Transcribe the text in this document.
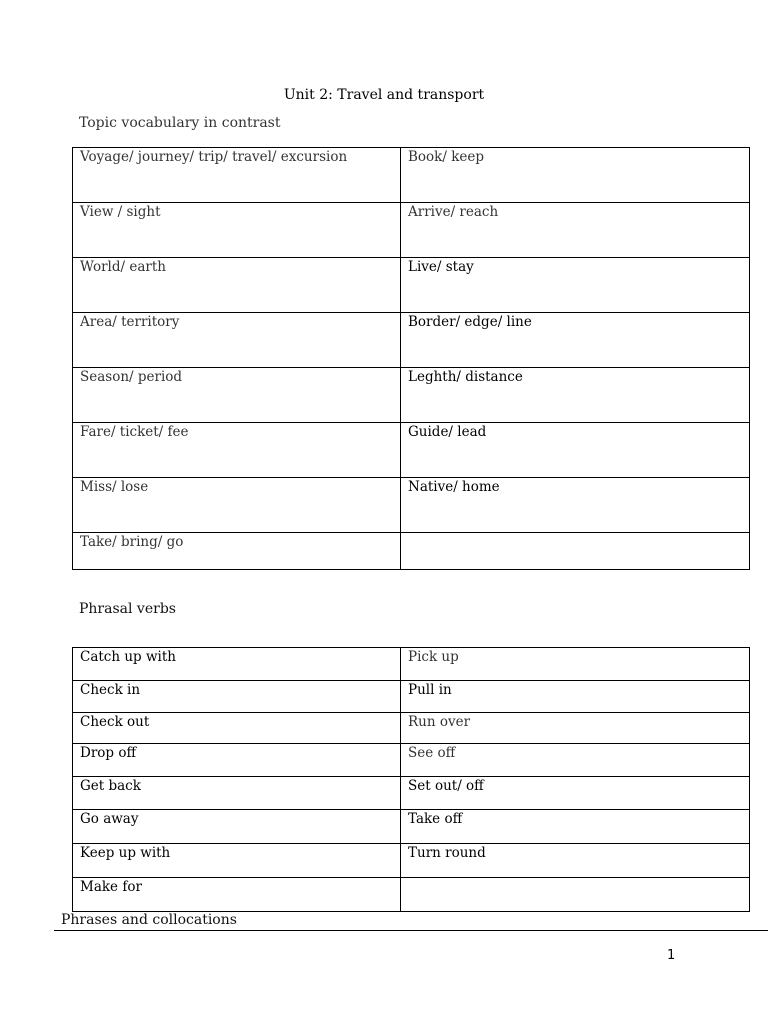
Unit 2: Travel and transport
Topic vocabulary in contrast
Voyage/ journey/ trip/ travel/ excursion	Book/ keep
View / sight	Arrive/ reach
World/ earth	Live/ stay
Area/ territory	Border/ edge/ line
Season/ period	Leghth/ distance
Fare/ ticket/ fee	Guide/ lead
Miss/ lose	Native/ home
Take/ bring/ go	
Phrasal verbs
Catch up with	Pick up
Check in	Pull in
Check out	Run over
Drop off	See off
Get back	Set out/ off
Go away	Take off
Keep up with	Turn round
Make for	
Phrases and collocations
1
